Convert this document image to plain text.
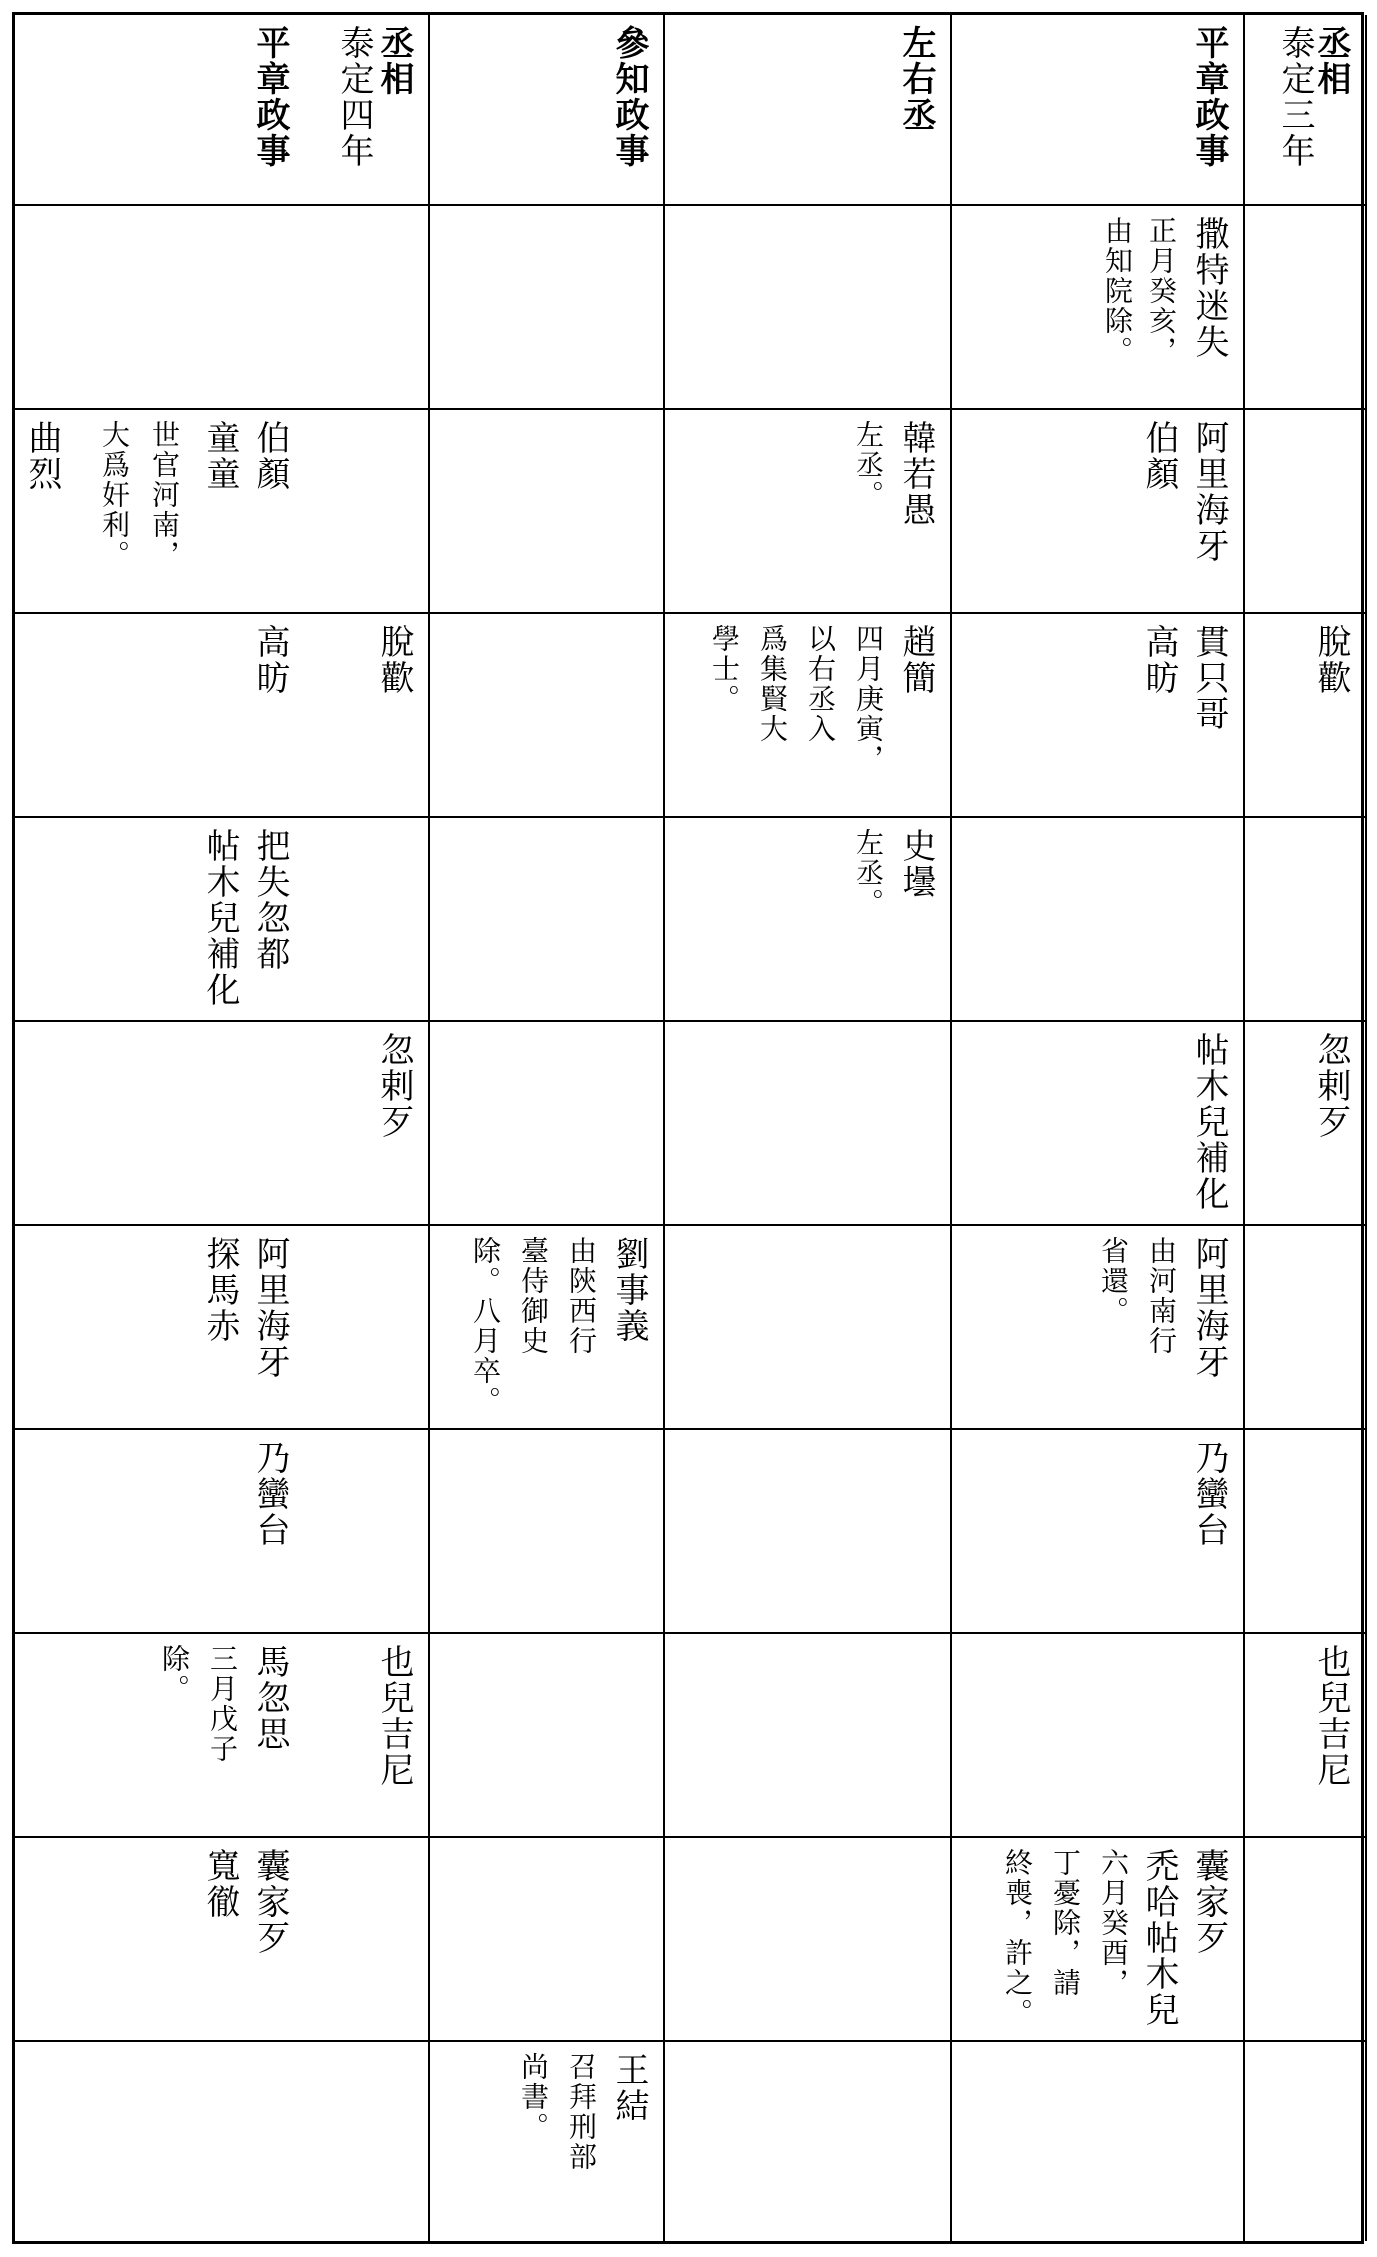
泰定三年
丞相
平章政事
左右丞
參知政事
泰定四年 丞相
平章政事
撒特迷失
正月癸亥，
由知院除。
阿里海牙
伯顏
韓若愚
左丞。
伯顏
童童
世官河南，
大爲奸利。
曲烈
脫歡
貫只哥
高昉
趙簡
四月庚寅，
以右丞入
爲集賢大
學士。
脫歡
高昉
史壜
左丞。
把失忽都
帖木兒補化
忽剌歹
帖木兒補化
忽剌歹
阿里海牙
由河南行
省還。
劉事義
由陝西行
臺侍御史
除。八月卒。
阿里海牙
探馬赤
乃蠻台
乃蠻台
也兒吉尼
也兒吉尼
馬忽思
三月戊子
除。
囊家歹
禿哈帖木兒
六月癸酉，
丁憂除，請
終喪，許之。
囊家歹
寬徹
王結
召拜刑部
尚書。
